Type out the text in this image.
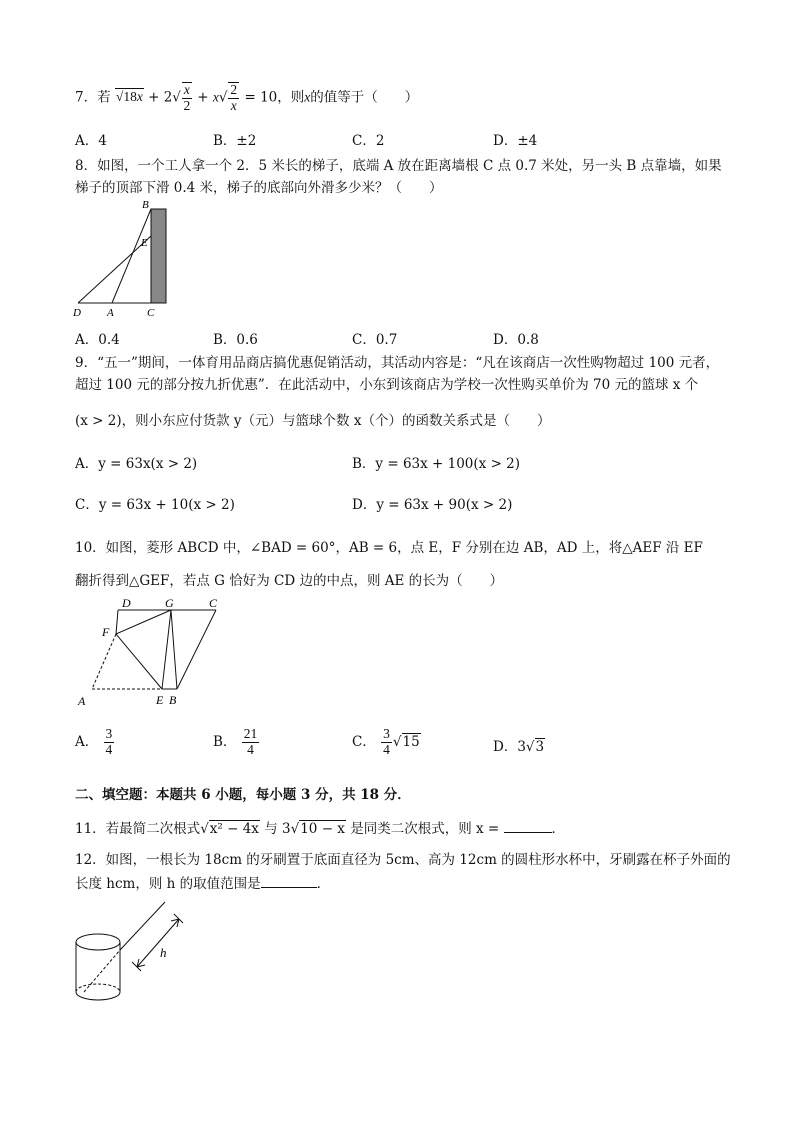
7．若 $√18x + 2√ \frac{x}{2} + x√ \frac{2}{x} = 10$，则x的值等于（　　）
A．4	B．±2	C．2	D．±4
8．如图，一个工人拿一个 2．5 米长的梯子，底端 A 放在距离墙根 C 点 0.7 米处，另一头 B 点靠墙，如果
梯子的顶部下滑 0.4 米，梯子的底部向外滑多少米？（　　）
B
E
D A	C
A．0.4	B．0.6	C．0.7	D．0.8
9．“五一”期间，一体育用品商店搞优惠促销活动，其活动内容是：“凡在该商店一次性购物超过 100 元者，
超过 100 元的部分按九折优惠”．在此活动中，小东到该商店为学校一次性购买单价为 70 元的篮球 x 个
(x > 2)，则小东应付货款 y（元）与篮球个数 x（个）的函数关系式是（　　）
A．y = 63x(x > 2)	B．y = 63x + 100(x > 2)
C．y = 63x + 10(x > 2)	D．y = 63x + 90(x > 2)
10．如图，菱形 ABCD 中，∠BAD = 60°，AB = 6，点 E，F 分别在边 AB，AD 上，将△AEF 沿 EF
翻折得到△GEF，若点 G 恰好为 CD 边的中点，则 AE 的长为（　　）
D	G	C
F
A	E B
A． $\frac{3}{4}$	B． $\frac{21}{4}$	C． $\frac{3}{4} √15$	D．3√3
二、填空题：本题共 6 小题，每小题 3 分，共 18 分．
11．若最简二次根式√x² − 4x 与 3√10 − x 是同类二次根式，则 x =	．
12．如图，一根长为 18cm 的牙刷置于底面直径为 5cm、高为 12cm 的圆柱形水杯中，牙刷露在杯子外面的
长度 hcm，则 h 的取值范围是	．
h
